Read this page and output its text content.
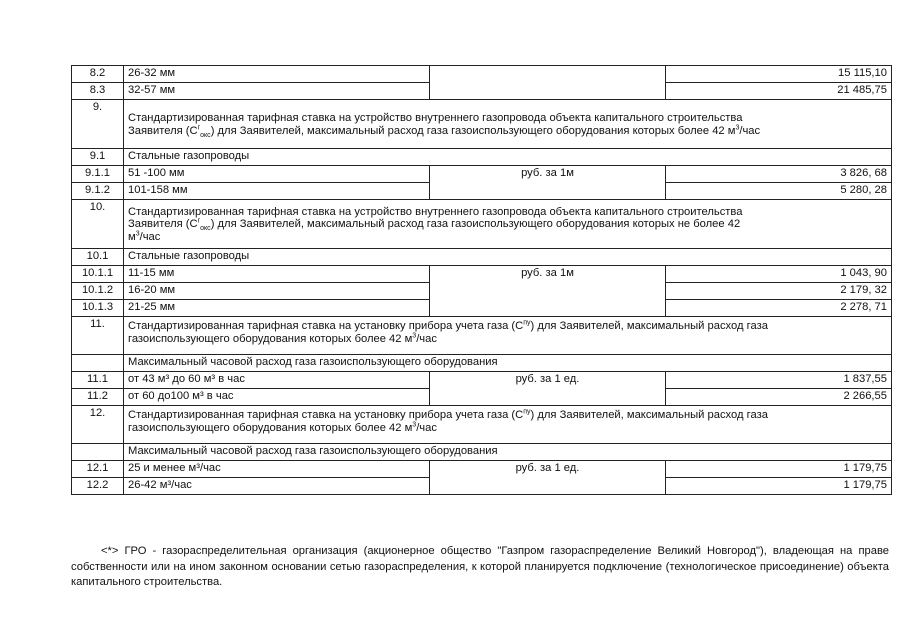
8.2	26-32 мм		15 115,10
8.3	32-57 мм		21 485,75
9.	Стандартизированная тарифная ставка на устройство внутреннего газопровода объекта капитального строительства
Заявителя $(С^г_{окс})$ для Заявителей, максимальный расход газа газоиспользующего оборудования которых более 42 $м^3$/час		
9.1	Стальные газопроводы		
9.1.1	51 -100 мм	руб. за 1м	3 826, 68
9.1.2	101-158 мм		5 280, 28
10.	Стандартизированная тарифная ставка на устройство внутреннего газопровода объекта капитального строительства
Заявителя $(С^г_{окс})$ для Заявителей, максимальный расход газа газоиспользующего оборудования которых не более 42
$м^3$/час		
10.1	Стальные газопроводы		
10.1.1	11-15 мм	руб. за 1м	1 043, 90
10.1.2	16-20 мм		2 179, 32
10.1.3	21-25 мм		2 278, 71
11.	Стандартизированная тарифная ставка на установку прибора учета газа $(С^{пу})$ для Заявителей, максимальный расход газа
газоиспользующего оборудования которых более 42 $м^3$/час		
	Максимальный часовой расход газа газоиспользующего оборудования		
11.1	от 43 м³ до 60 м³ в час	руб. за 1 ед.	1 837,55
11.2	от 60 до100 м³ в час		2 266,55
12.	Стандартизированная тарифная ставка на установку прибора учета газа $(С^{пу})$ для Заявителей, максимальный расход газа
газоиспользующего оборудования которых более 42 $м^3$/час		
	Максимальный часовой расход газа газоиспользующего оборудования		
12.1	25 и менее м³/час	руб. за 1 ед.	1 179,75
12.2	26-42 м³/час		1 179,75

<*> ГРО - газораспределительная организация (акционерное общество "Газпром газораспределение Великий Новгород"), владеющая на праве собственности или на ином законном основании сетью газораспределения, к которой планируется подключение (технологическое присоединение) объекта капитального строительства.
